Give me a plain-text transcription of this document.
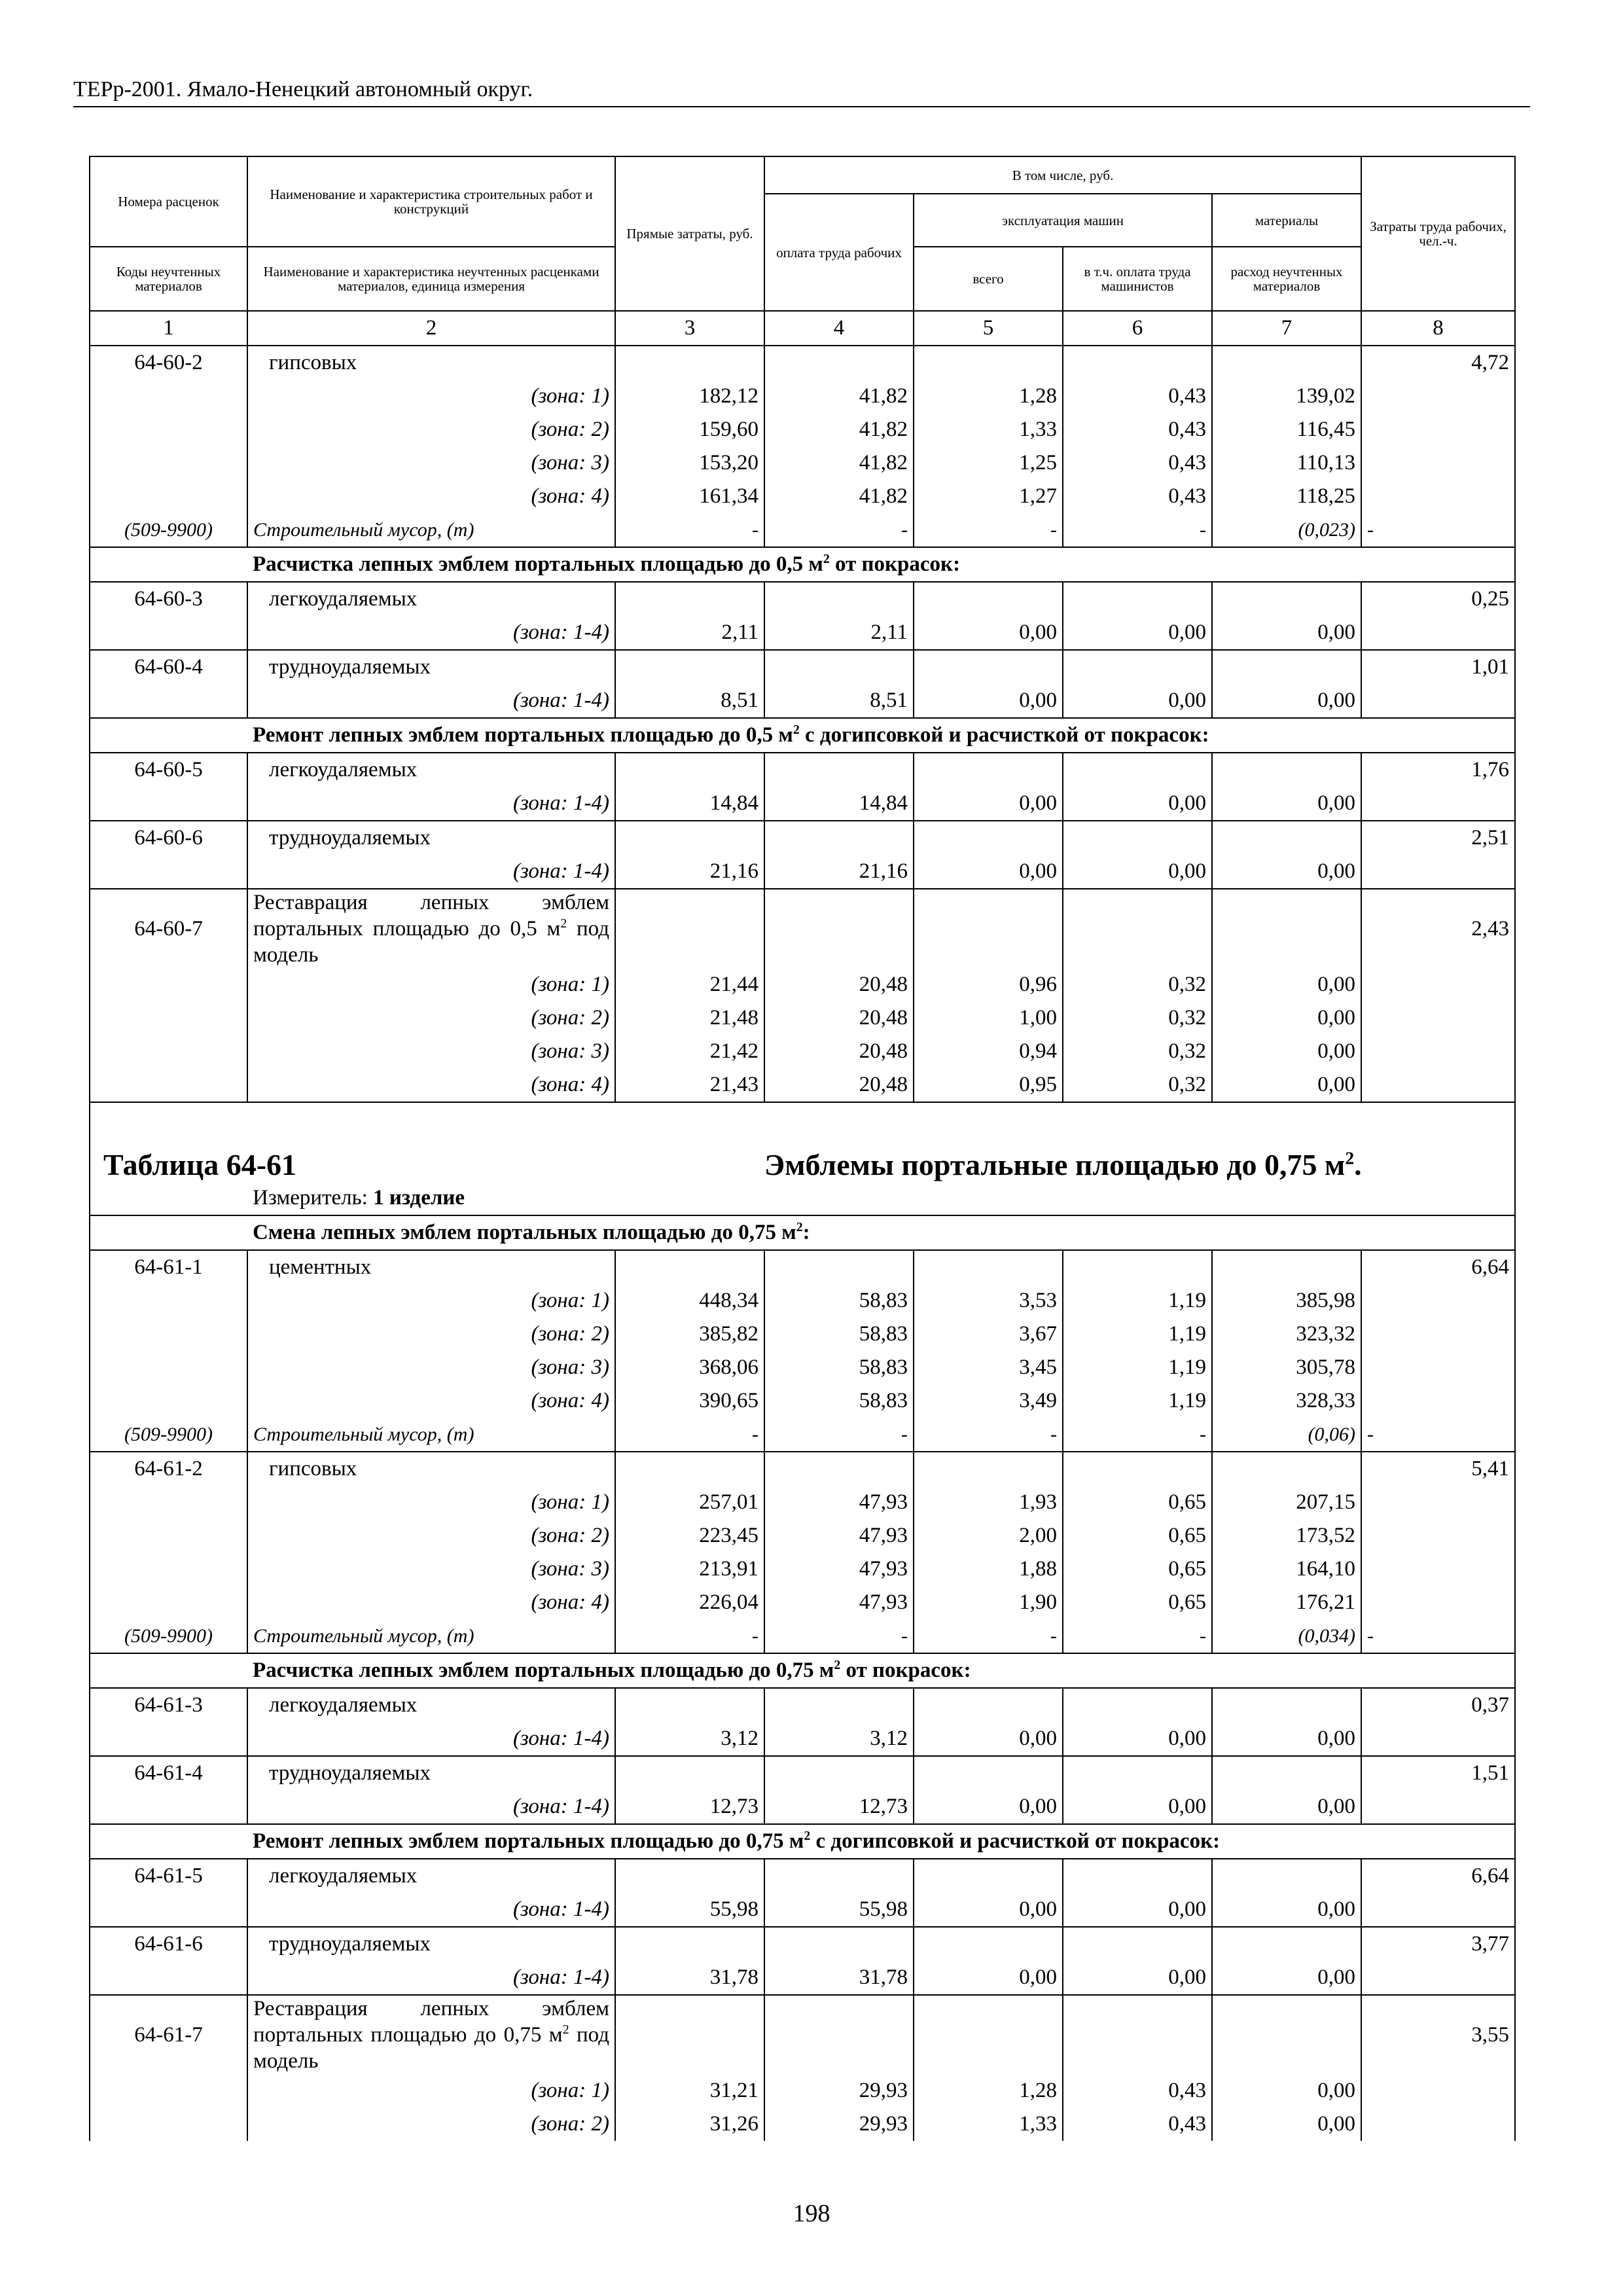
ТЕРр-2001. Ямало-Ненецкий автономный округ.
Номера расценок	Наименование и характеристика строительных работ и конструкций	Прямые затраты, руб.	В том числе, руб.				Затраты труда рабочих, чел.-ч.
			оплата труда рабочих	эксплуатация машин		материалы	
Коды неучтенных материалов	Наименование и характеристика неучтенных расценками материалов, единица измерения			всего	в т.ч. оплата труда машинистов	расход неучтенных материалов	
1	2	3	4	5	6	7	8
64-60-2	гипсовых						4,72
	(зона: 1)	182,12	41,82	1,28	0,43	139,02	
	(зона: 2)	159,60	41,82	1,33	0,43	116,45	
	(зона: 3)	153,20	41,82	1,25	0,43	110,13	
	(зона: 4)	161,34	41,82	1,27	0,43	118,25	
(509-9900)	Строительный мусор, (т)	-	-	-	-	(0,023)	-
	Расчистка лепных эмблем портальных площадью до 0,5 $м^2$ от покрасок:						
64-60-3	легкоудаляемых						0,25
	(зона: 1-4)	2,11	2,11	0,00	0,00	0,00	
64-60-4	трудноудаляемых						1,01
	(зона: 1-4)	8,51	8,51	0,00	0,00	0,00	
	Ремонт лепных эмблем портальных площадью до 0,5 $м^2$ с догипсовкой и расчисткой от покрасок:						
64-60-5	легкоудаляемых						1,76
	(зона: 1-4)	14,84	14,84	0,00	0,00	0,00	
64-60-6	трудноудаляемых						2,51
	(зона: 1-4)	21,16	21,16	0,00	0,00	0,00	
64-60-7	Реставрация лепных эмблем портальных площадью до 0,5 $м^2$ под модель						2,43
	(зона: 1)	21,44	20,48	0,96	0,32	0,00	
	(зона: 2)	21,48	20,48	1,00	0,32	0,00	
	(зона: 3)	21,42	20,48	0,94	0,32	0,00	
	(зона: 4)	21,43	20,48	0,95	0,32	0,00	
Таблица 64-61			Эмблемы портальные площадью до 0,75 $м^2$.				
	Измеритель: 1 изделие						
	Смена лепных эмблем портальных площадью до 0,75 $м^2$:						
64-61-1	цементных						6,64
	(зона: 1)	448,34	58,83	3,53	1,19	385,98	
	(зона: 2)	385,82	58,83	3,67	1,19	323,32	
	(зона: 3)	368,06	58,83	3,45	1,19	305,78	
	(зона: 4)	390,65	58,83	3,49	1,19	328,33	
(509-9900)	Строительный мусор, (т)	-	-	-	-	(0,06)	-
64-61-2	гипсовых						5,41
	(зона: 1)	257,01	47,93	1,93	0,65	207,15	
	(зона: 2)	223,45	47,93	2,00	0,65	173,52	
	(зона: 3)	213,91	47,93	1,88	0,65	164,10	
	(зона: 4)	226,04	47,93	1,90	0,65	176,21	
(509-9900)	Строительный мусор, (т)	-	-	-	-	(0,034)	-
	Расчистка лепных эмблем портальных площадью до 0,75 $м^2$ от покрасок:						
64-61-3	легкоудаляемых						0,37
	(зона: 1-4)	3,12	3,12	0,00	0,00	0,00	
64-61-4	трудноудаляемых						1,51
	(зона: 1-4)	12,73	12,73	0,00	0,00	0,00	
	Ремонт лепных эмблем портальных площадью до 0,75 $м^2$ с догипсовкой и расчисткой от покрасок:						
64-61-5	легкоудаляемых						6,64
	(зона: 1-4)	55,98	55,98	0,00	0,00	0,00	
64-61-6	трудноудаляемых						3,77
	(зона: 1-4)	31,78	31,78	0,00	0,00	0,00	
64-61-7	Реставрация лепных эмблем портальных площадью до 0,75 $м^2$ под модель						3,55
	(зона: 1)	31,21	29,93	1,28	0,43	0,00	
	(зона: 2)	31,26	29,93	1,33	0,43	0,00	
198
